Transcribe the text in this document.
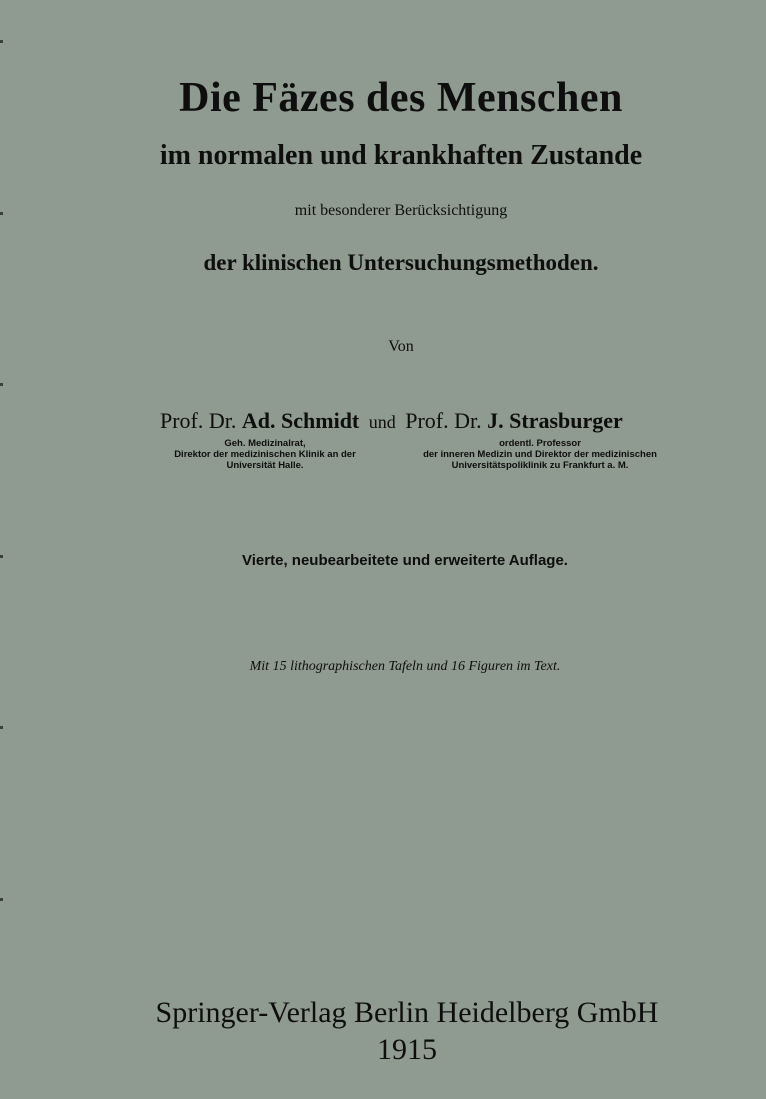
Die Fäzes des Menschen
im normalen und krankhaften Zustande
mit besonderer Berücksichtigung
der klinischen Untersuchungsmethoden.
Von
Prof. Dr. Ad. Schmidt und Prof. Dr. J. Strasburger
Geh. Medizinalrat,
Direktor der medizinischen Klinik an der
Universität Halle.
ordentl. Professor
der inneren Medizin und Direktor der medizinischen
Universitätspoliklinik zu Frankfurt a. M.
Vierte, neubearbeitete und erweiterte Auflage.
Mit 15 lithographischen Tafeln und 16 Figuren im Text.
Springer-Verlag Berlin Heidelberg GmbH
1915
